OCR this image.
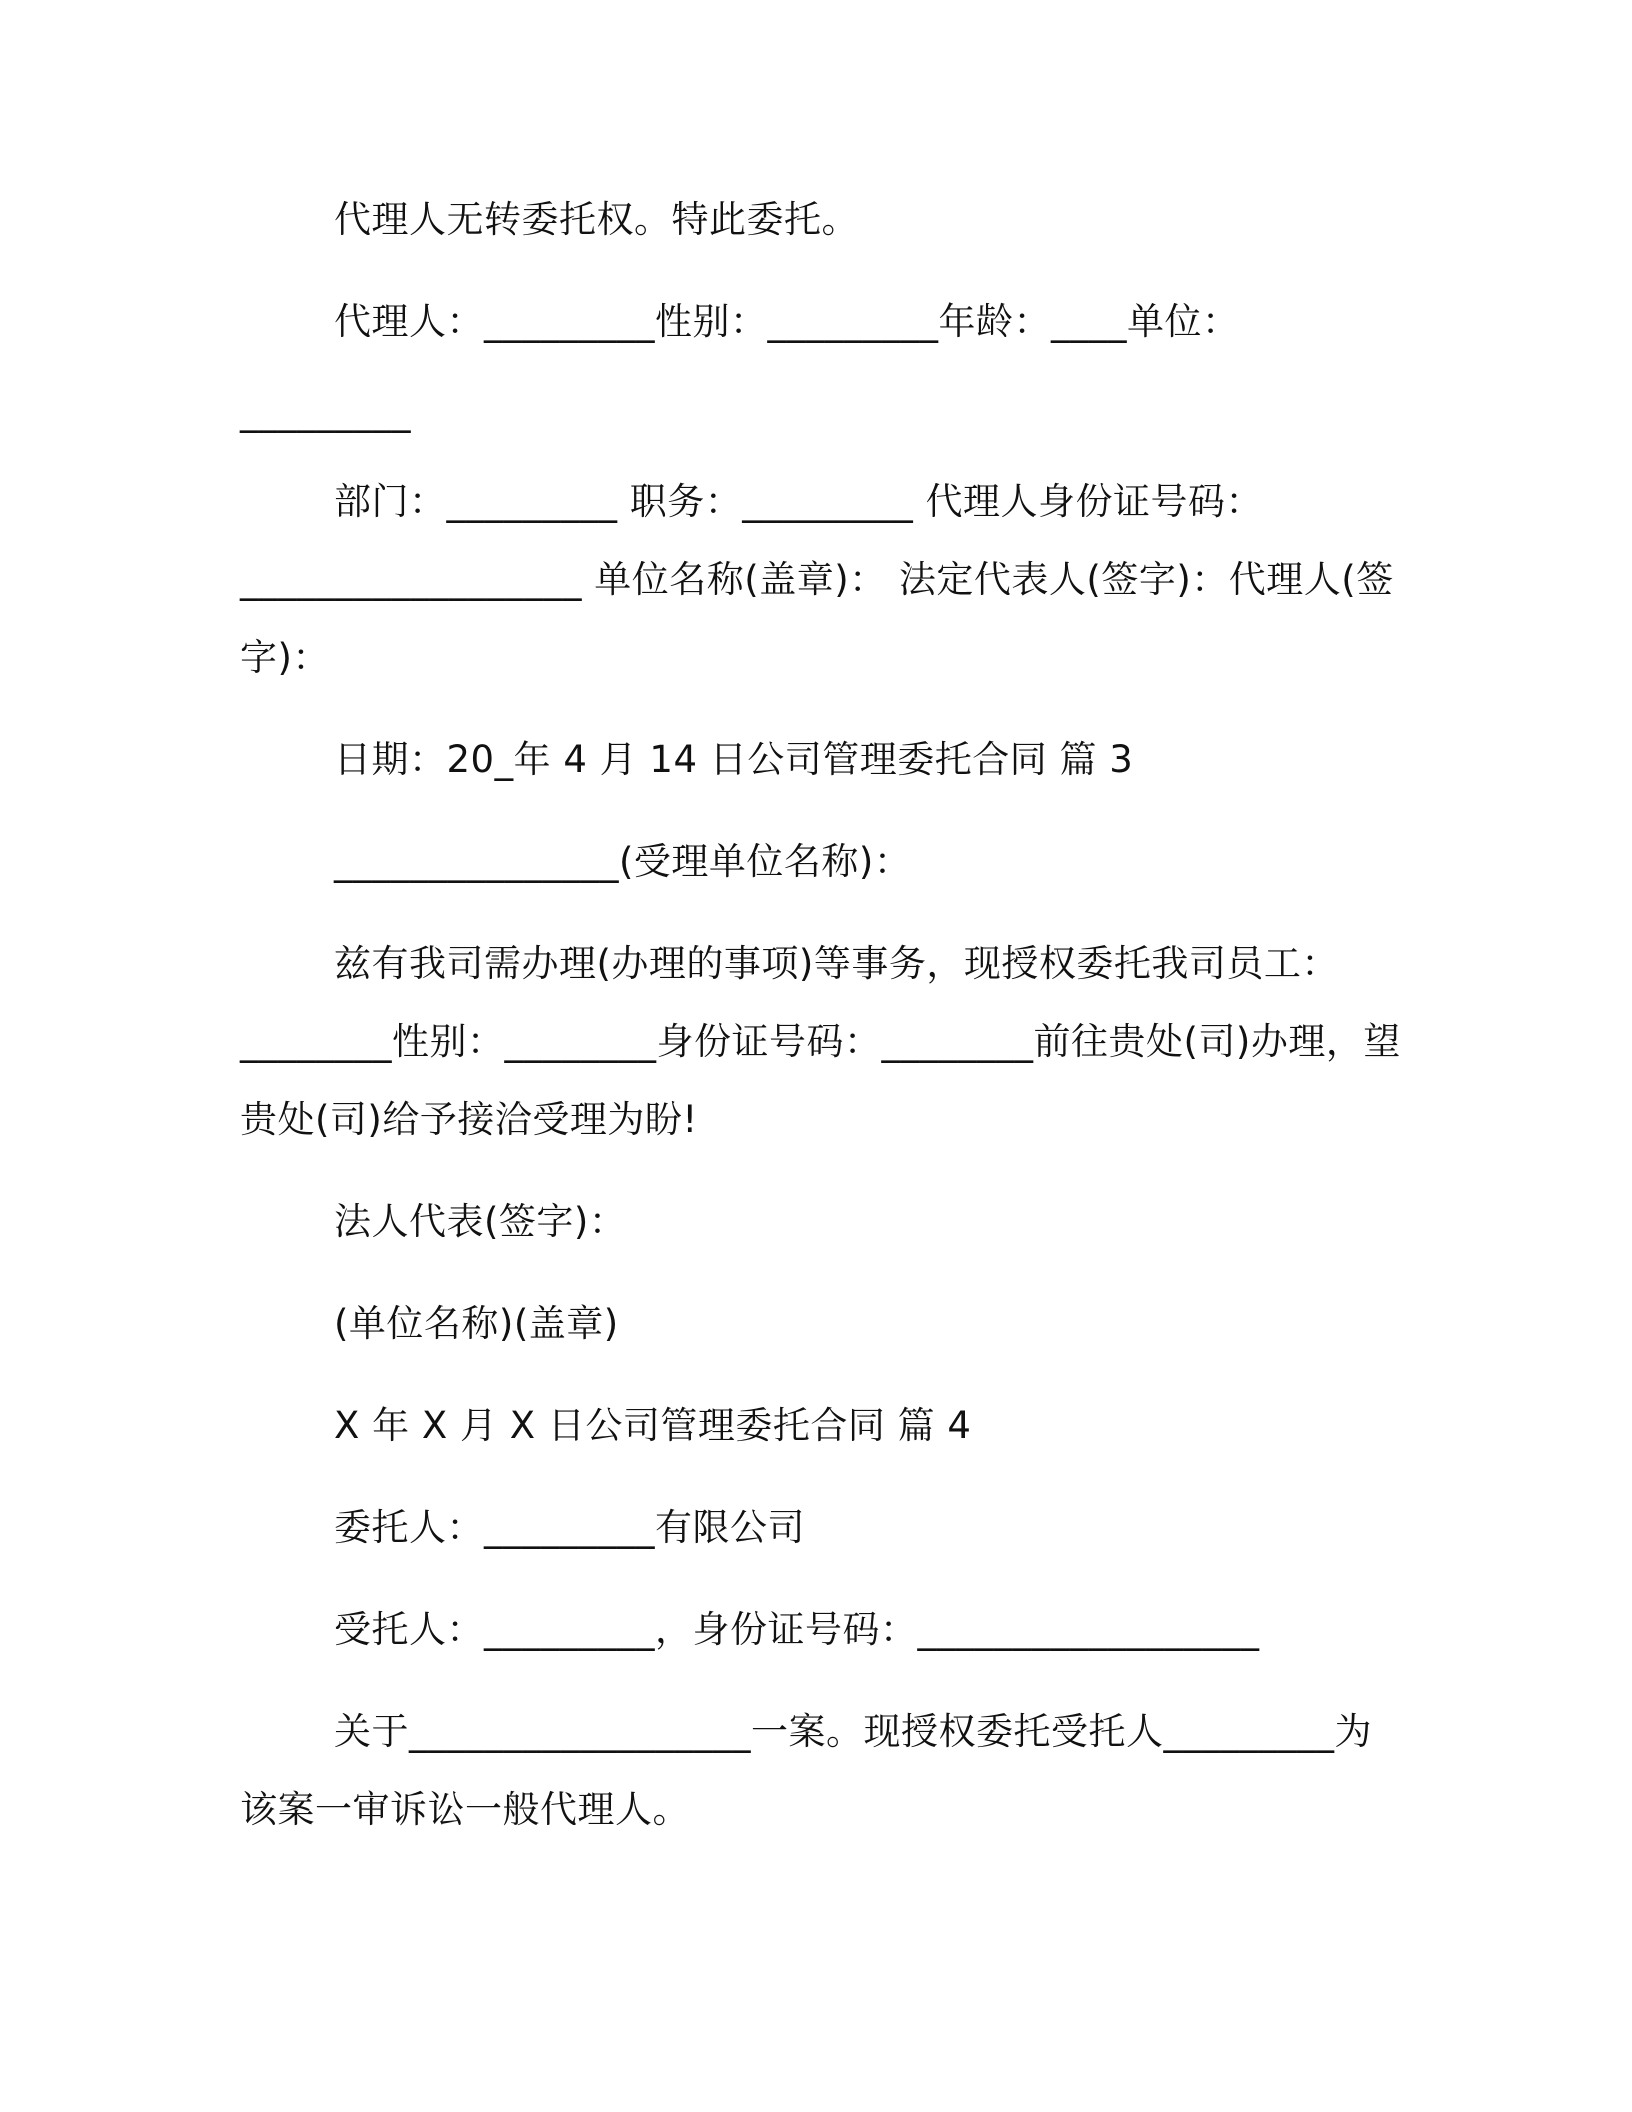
代理人无转委托权。特此委托。
代理人：_________性别：_________年龄：____单位：
_________
部门：_________ 职务：_________ 代理人身份证号码：
__________________ 单位名称(盖章)： 法定代表人(签字)：代理人(签
字)：
日期：20_年 4 月 14 日公司管理委托合同 篇 3
_______________(受理单位名称)：
兹有我司需办理(办理的事项)等事务，现授权委托我司员工：
________性别：________身份证号码：________前往贵处(司)办理，望
贵处(司)给予接洽受理为盼!
法人代表(签字)：
(单位名称)(盖章)
X 年 X 月 X 日公司管理委托合同 篇 4
委托人：_________有限公司
受托人：_________，身份证号码：__________________
关于__________________一案。现授权委托受托人_________为
该案一审诉讼一般代理人。
